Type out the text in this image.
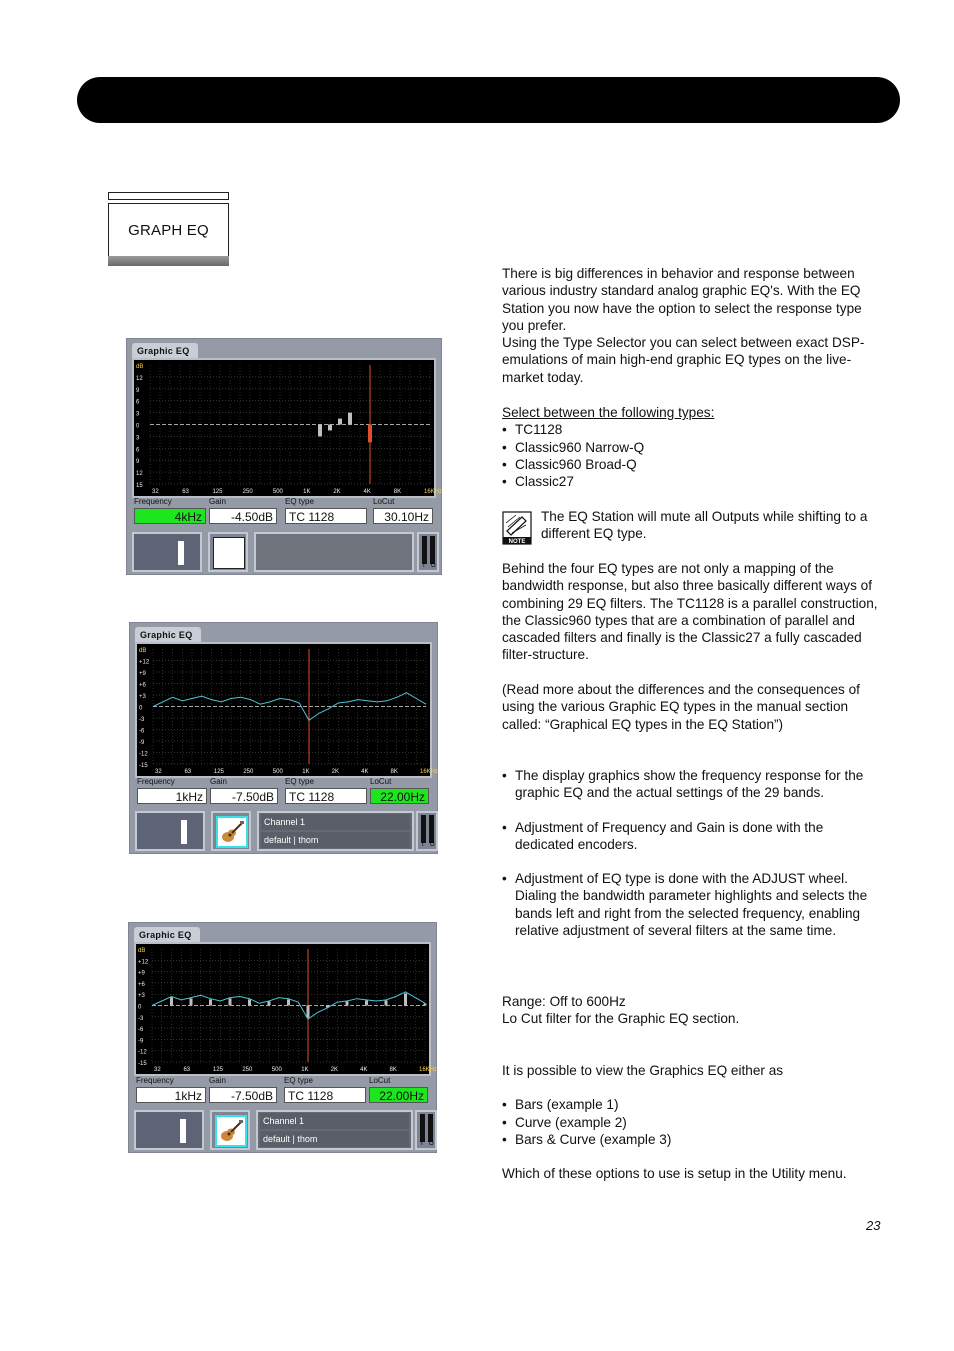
GRAPH EQ
Graphic EQ
dB
12
9
6
3
0
3
6
9
12
15
32	63	125	250	500	1K	2K	4K	8K	16KHz
Frequency
4kHz
Gain
-4.50dB
EQ type
TC 1128
LoCut
30.10Hz
I O
Graphic EQ
dB
+12
+9
+6
+3
0
-3
-6
-9
-12
-15
32	63	125	250	500	1K	2K	4K	8K	16KHz
Frequency
1kHz
Gain
-7.50dB
EQ type
TC 1128
LoCut
22.00Hz
Channel 1
default | thom	I O
Graphic EQ
dB
+12
+9
+6
+3
0
-3
-6
-9
-12
-15
32	63	125	250	500	1K	2K	4K	8K	16KHz
Frequency
1kHz
Gain
-7.50dB
EQ type
TC 1128
LoCut
22.00Hz
Channel 1
default | thom	I O

There is big differences in behavior and response between various industry standard analog graphic EQ's. With the EQ Station you now have the option to select the response type you prefer.

Using the Type Selector you can select between exact DSP-emulations of main high-end graphic EQ types on the live-market today.

Select between the following types:

• TC1128

• Classic960 Narrow-Q

• Classic960 Broad-Q

• Classic27

NOTE
The EQ Station will mute all Outputs while shifting to a different EQ type.
Behind the four EQ types are not only a mapping of the bandwidth response, but also three basically different ways of combining 29 EQ filters. The TC1128 is a parallel construction, the Classic960 types that are a combination of parallel and cascaded filters and finally is the Classic27 a fully cascaded filter-structure.
(Read more about the differences and the consequences of using the various Graphic EQ types in the manual section called: “Graphical EQ types in the EQ Station”)

• The display graphics show the frequency response for the graphic EQ and the actual settings of the 29 bands.

• Adjustment of Frequency and Gain is done with the dedicated encoders.

• Adjustment of EQ type is done with the ADJUST wheel. Dialing the bandwidth parameter highlights and selects the bands left and right from the selected frequency, enabling relative adjustment of several filters at the same time.

Range: Off to 600Hz

Lo Cut filter for the Graphic EQ section.

It is possible to view the Graphics EQ either as

• Bars (example 1)

• Curve (example 2)

• Bars & Curve (example 3)

Which of these options to use is setup in the Utility menu.

23
